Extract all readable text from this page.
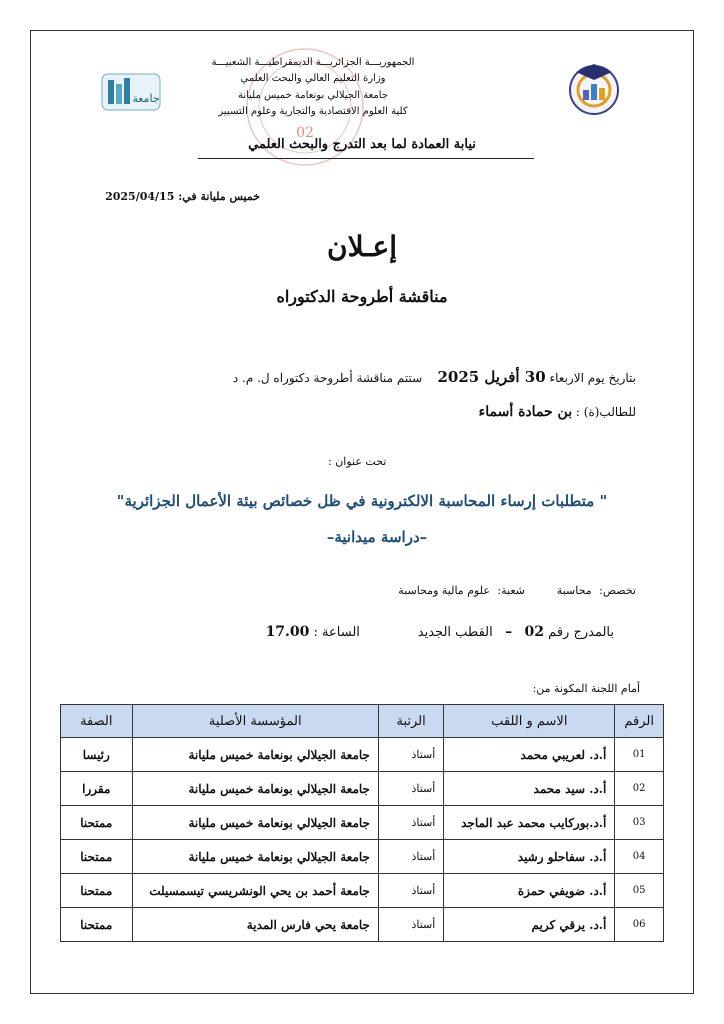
جامعة
02
الجمهوريـــة الجزائريـــة الديمقراطيـــة الشعبيـــة
وزارة التعليم العالي والبحث العلمي
جامعة الجيلالي بونعامة خميس مليانة
كلية العلوم الاقتصادية والتجارية وعلوم التسيير
نيابة العمادة لما بعد التدرج والبحث العلمي
خميس مليانة في: 2025/04/15
إعـلان
مناقشة أطروحة الدكتوراه
بتاريخ يوم الاربعاء 30 أفريل 2025    ستتم مناقشة أطروحة دكتوراه ل. م. د
للطالب(ة) : بن حمادة أسماء
تحت عنوان :
" متطلبات إرساء المحاسبة الالكترونية في ظل خصائص بيئة الأعمال الجزائرية"
–دراسة ميدانية–
تخصص: محاسبة        شعبة: علوم مالية ومحاسبة
بالمدرج رقم 02   –   القطب الجديد              الساعة : 17.00
أمام اللجنة المكونة من:
الرقم	الاسم و اللقب	الرتبة	المؤسسة الأصلية	الصفة
01	أ.د. لعريبي محمد	أستاذ	جامعة الجيلالي بونعامة خميس مليانة	رئيسا
02	أ.د. سيد محمد	أستاذ	جامعة الجيلالي بونعامة خميس مليانة	مقررا
03	أ.د.بوركايب محمد عبد الماجد	أستاذ	جامعة الجيلالي بونعامة خميس مليانة	ممتحنا
04	أ.د. سفاحلو رشيد	أستاذ	جامعة الجيلالي بونعامة خميس مليانة	ممتحنا
05	أ.د. ضويفي حمزة	أستاذ	جامعة أحمد بن يحي الونشريسي تيسمسيلت	ممتحنا
06	أ.د. يرقي كريم	أستاذ	جامعة يحي فارس المدية	ممتحنا
